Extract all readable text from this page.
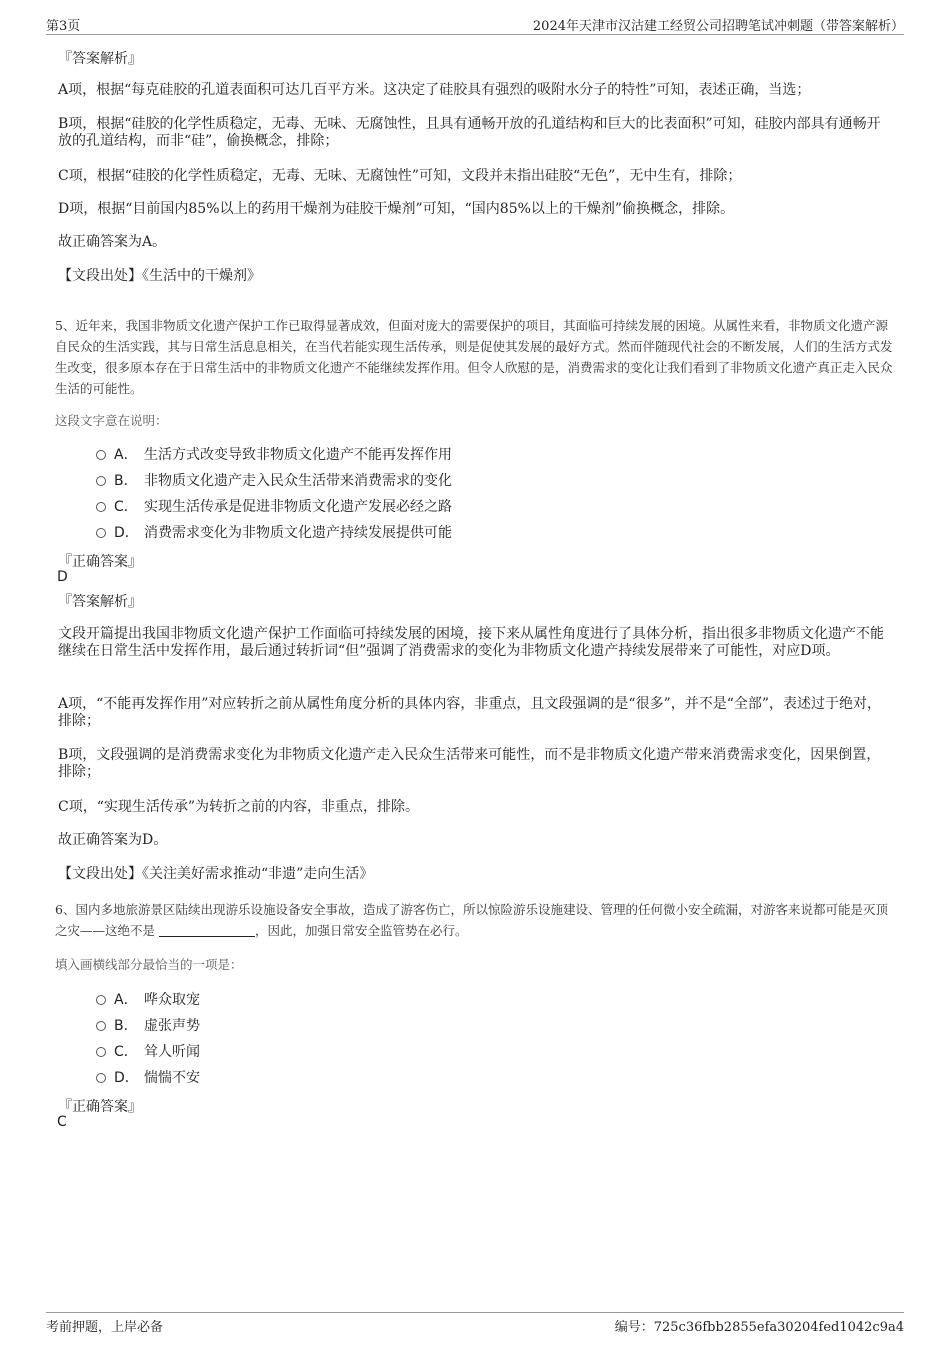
第3页	2024年天津市汉沽建工经贸公司招聘笔试冲刺题（带答案解析）
『答案解析』

A项，根据“每克硅胶的孔道表面积可达几百平方米。这决定了硅胶具有强烈的吸附水分子的特性”可知，表述正确，当选；

B项，根据“硅胶的化学性质稳定，无毒、无味、无腐蚀性，且具有通畅开放的孔道结构和巨大的比表面积”可知，硅胶内部具有通畅开放的孔道结构，而非“硅”，偷换概念，排除；

C项，根据“硅胶的化学性质稳定，无毒、无味、无腐蚀性”可知，文段并未指出硅胶“无色”，无中生有，排除；

D项，根据“目前国内85%以上的药用干燥剂为硅胶干燥剂”可知，“国内85%以上的干燥剂”偷换概念，排除。

故正确答案为A。

【文段出处】《生活中的干燥剂》

5、近年来，我国非物质文化遗产保护工作已取得显著成效，但面对庞大的需要保护的项目，其面临可持续发展的困境。从属性来看，非物质文化遗产源自民众的生活实践，其与日常生活息息相关，在当代若能实现生活传承，则是促使其发展的最好方式。然而伴随现代社会的不断发展，人们的生活方式发生改变，很多原本存在于日常生活中的非物质文化遗产不能继续发挥作用。但令人欣慰的是，消费需求的变化让我们看到了非物质文化遗产真正走入民众生活的可能性。

这段文字意在说明：
A． 生活方式改变导致非物质文化遗产不能再发挥作用
B． 非物质文化遗产走入民众生活带来消费需求的变化
C． 实现生活传承是促进非物质文化遗产发展必经之路
D． 消费需求变化为非物质文化遗产持续发展提供可能
『正确答案』
D
『答案解析』

文段开篇提出我国非物质文化遗产保护工作面临可持续发展的困境，接下来从属性角度进行了具体分析，指出很多非物质文化遗产不能继续在日常生活中发挥作用，最后通过转折词“但”强调了消费需求的变化为非物质文化遗产持续发展带来了可能性，对应D项。

A项，“不能再发挥作用”对应转折之前从属性角度分析的具体内容，非重点，且文段强调的是“很多”，并不是“全部”，表述过于绝对，排除；

B项，文段强调的是消费需求变化为非物质文化遗产走入民众生活带来可能性，而不是非物质文化遗产带来消费需求变化，因果倒置，排除；

C项，“实现生活传承”为转折之前的内容，非重点，排除。

故正确答案为D。

【文段出处】《关注美好需求推动“非遗”走向生活》

6、国内多地旅游景区陆续出现游乐设施设备安全事故，造成了游客伤亡，所以惊险游乐设施建设、管理的任何微小安全疏漏，对游客来说都可能是灭顶之灾——这绝不是	，因此，加强日常安全监管势在必行。

填入画横线部分最恰当的一项是：
A． 哗众取宠
B． 虚张声势
C． 耸人听闻
D． 惴惴不安
『正确答案』
C
考前押题，上岸必备	编号：725c36fbb2855efa30204fed1042c9a4
